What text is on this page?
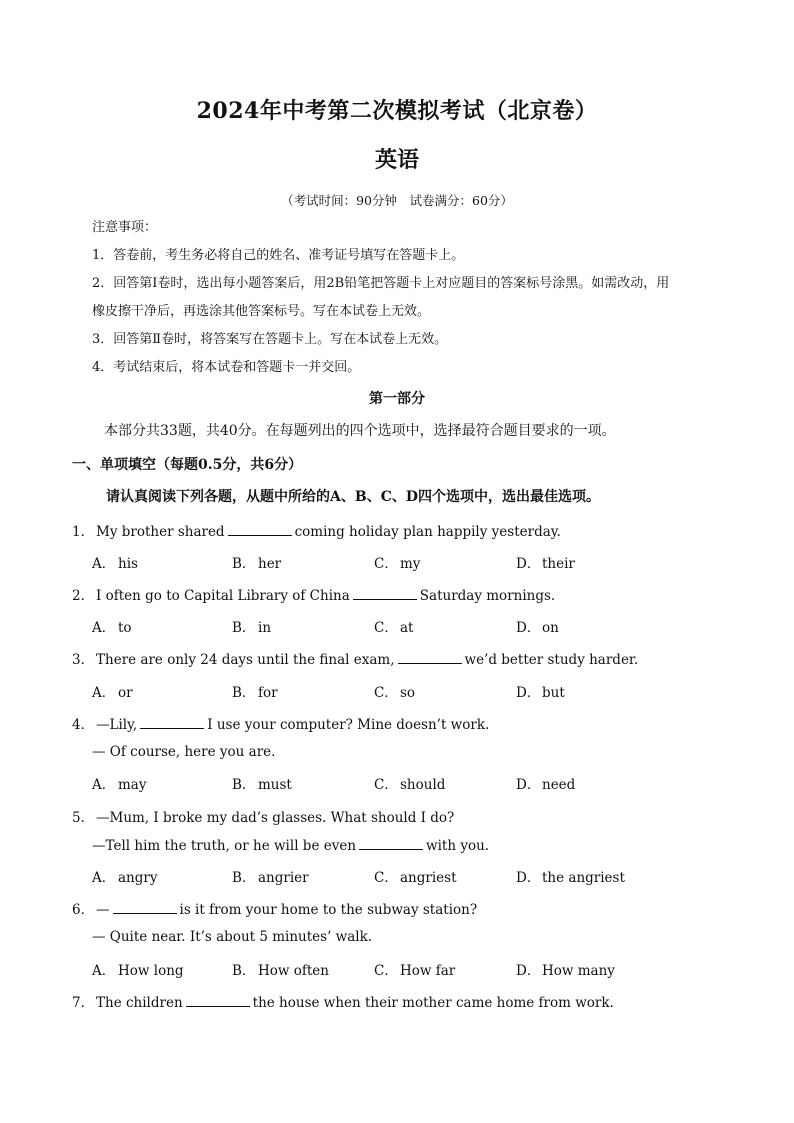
2024年中考第二次模拟考试（北京卷）
英语
（考试时间：90分钟　试卷满分：60分）

注意事项：

1．答卷前，考生务必将自己的姓名、准考证号填写在答题卡上。

2．回答第Ⅰ卷时，选出每小题答案后，用2B铅笔把答题卡上对应题目的答案标号涂黑。如需改动，用

橡皮擦干净后，再选涂其他答案标号。写在本试卷上无效。

3．回答第Ⅱ卷时，将答案写在答题卡上。写在本试卷上无效。

4．考试结束后，将本试卷和答题卡一并交回。

第一部分
本部分共33题，共40分。在每题列出的四个选项中，选择最符合题目要求的一项。
一、单项填空（每题0.5分，共6分）
请认真阅读下列各题，从题中所给的A、B、C、D四个选项中，选出最佳选项。
1． My brother shared	coming holiday plan happily yesterday.
A． his	B． her	C． my	D． their
2． I often go to Capital Library of China	Saturday mornings.
A． to	B． in	C． at	D． on
3． There are only 24 days until the final exam,	we’d better study harder.
A． or	B． for	C． so	D． but
4． —Lily,	I use your computer? Mine doesn’t work.
— Of course, here you are.
A． may	B． must	C． should	D． need
5． —Mum, I broke my dad’s glasses. What should I do?
—Tell him the truth, or he will be even	with you.
A． angry	B． angrier	C． angriest	D． the angriest
6． —	is it from your home to the subway station?
— Quite near. It’s about 5 minutes’ walk.
A． How long	B． How often	C． How far	D． How many
7． The children	the house when their mother came home from work.
